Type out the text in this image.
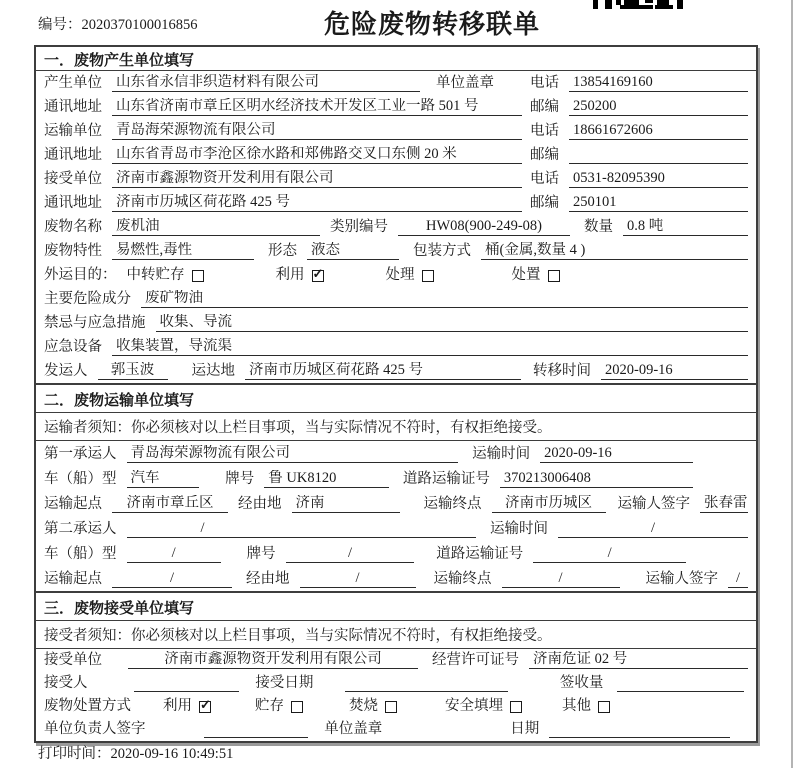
编号：2020370100016856	危险废物转移联单
一．废物产生单位填写
产生单位 山东省永信非织造材料有限公司	单位盖章 电话 13854169160
通讯地址 山东省济南市章丘区明水经济技术开发区工业一路 501 号	邮编 250200
运输单位 青岛海荣源物流有限公司	电话 18661672606
通讯地址 山东省青岛市李沧区徐水路和郑佛路交叉口东侧 20 米	邮编
接受单位 济南市鑫源物资开发利用有限公司	电话 0531-82095390
通讯地址 济南市历城区荷花路 425 号	邮编 250101
废物名称 废机油	类别编号	HW08(900-249-08)	数量 0.8 吨
废物特性 易燃性,毒性	形态 液态	包装方式 桶(金属,数量 4 )
外运目的： 中转贮存	利用 ✓	处理	处置
主要危险成分 废矿物油
禁忌与应急措施 收集、导流
应急设备 收集装置，导流渠
发运人	郭玉波	运达地 济南市历城区荷花路 425 号	转移时间 2020-09-16
二．废物运输单位填写
运输者须知：你必须核对以上栏目事项，当与实际情况不符时，有权拒绝接受。
第一承运人 青岛海荣源物流有限公司	运输时间 2020-09-16
车（船）型 汽车	牌号 鲁 UK8120	道路运输证号 370213006408
运输起点	济南市章丘区	经由地 济南	运输终点	济南市历城区	运输人签字 张春雷
第二承运人	/	运输时间	/
车（船）型	/	牌号	/	道路运输证号	/
运输起点	/	经由地	/	运输终点	/	运输人签字	/
三．废物接受单位填写
接受者须知：你必须核对以上栏目事项，当与实际情况不符时，有权拒绝接受。
接受单位	济南市鑫源物资开发利用有限公司	经营许可证号 济南危证 02 号
接受人	接受日期	签收量
废物处置方式 利用 ✓	贮存	焚烧	安全填埋	其他
单位负责人签字	单位盖章	日期
打印时间：2020-09-16 10:49:51
